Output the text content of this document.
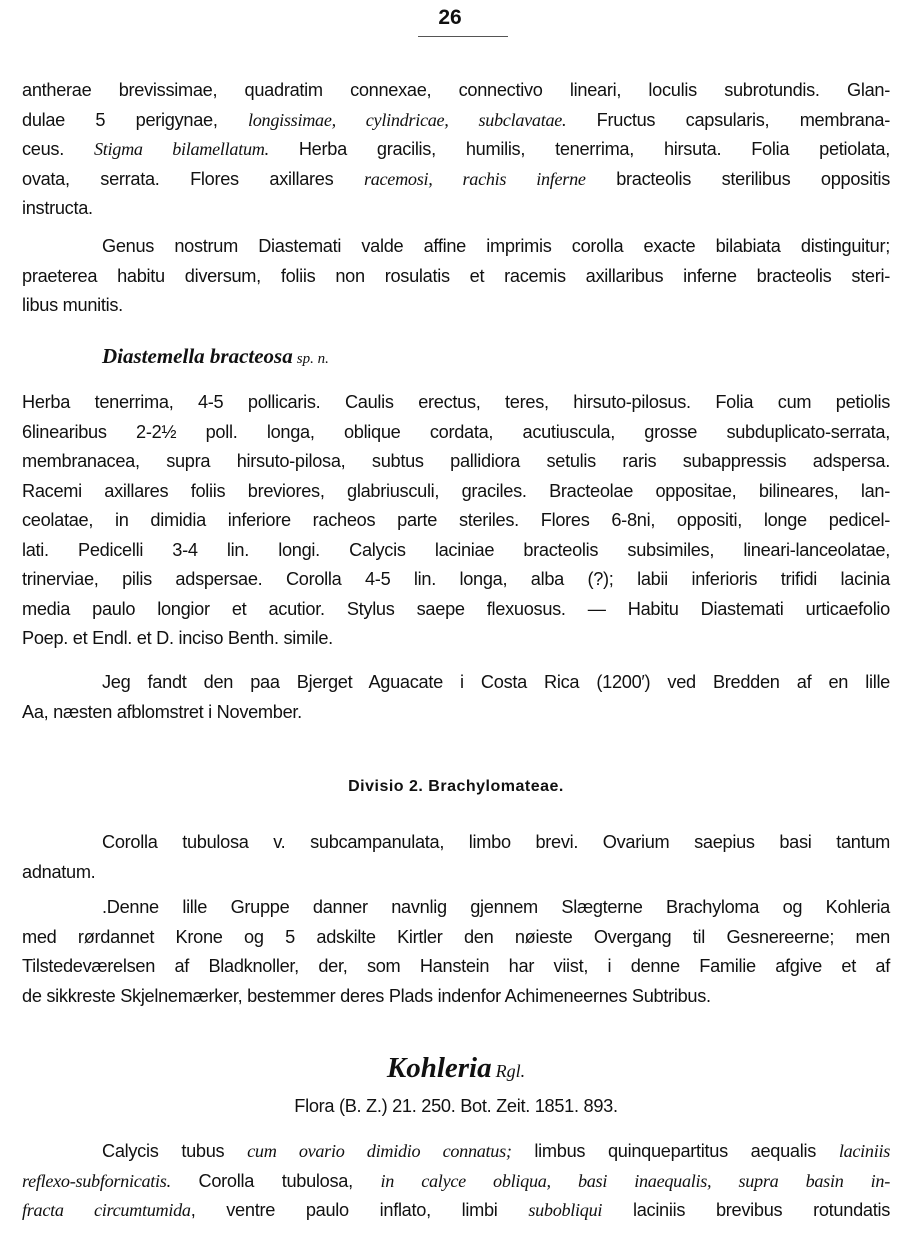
26
antherae brevissimae, quadratim connexae, connectivo lineari, loculis subrotundis. Glan-
dulae 5 perigynae, longissimae, cylindricae, subclavatae. Fructus capsularis, membrana-
ceus. Stigma bilamellatum. Herba gracilis, humilis, tenerrima, hirsuta. Folia petiolata,
ovata, serrata. Flores axillares racemosi, rachis inferne bracteolis sterilibus oppositis
instructa.
Genus nostrum Diastemati valde affine imprimis corolla exacte bilabiata distinguitur;
praeterea habitu diversum, foliis non rosulatis et racemis axillaribus inferne bracteolis steri-
libus munitis.
Diastemella bracteosa sp. n.
Herba tenerrima, 4-5 pollicaris. Caulis erectus, teres, hirsuto-pilosus. Folia cum petiolis
6linearibus 2-2½ poll. longa, oblique cordata, acutiuscula, grosse subduplicato-serrata,
membranacea, supra hirsuto-pilosa, subtus pallidiora setulis raris subappressis adspersa.
Racemi axillares foliis breviores, glabriusculi, graciles. Bracteolae oppositae, bilineares, lan-
ceolatae, in dimidia inferiore racheos parte steriles. Flores 6-8ni, oppositi, longe pedicel-
lati. Pedicelli 3-4 lin. longi. Calycis laciniae bracteolis subsimiles, lineari-lanceolatae,
trinerviae, pilis adspersae. Corolla 4-5 lin. longa, alba (?); labii inferioris trifidi lacinia
media paulo longior et acutior. Stylus saepe flexuosus. — Habitu Diastemati urticaefolio
Poep. et Endl. et D. inciso Benth. simile.
Jeg fandt den paa Bjerget Aguacate i Costa Rica (1200′) ved Bredden af en lille
Aa, næsten afblomstret i November.
Divisio 2. Brachylomateae.
Corolla tubulosa v. subcampanulata, limbo brevi. Ovarium saepius basi tantum
adnatum.
.Denne lille Gruppe danner navnlig gjennem Slægterne Brachyloma og Kohleria
med rørdannet Krone og 5 adskilte Kirtler den nøieste Overgang til Gesnereerne; men
Tilstedeværelsen af Bladknoller, der, som Hanstein har viist, i denne Familie afgive et af
de sikkreste Skjelnemærker, bestemmer deres Plads indenfor Achimeneernes Subtribus.
Kohleria Rgl.
Flora (B. Z.) 21. 250. Bot. Zeit. 1851. 893.
Calycis tubus cum ovario dimidio connatus; limbus quinquepartitus aequalis laciniis
reflexo-subfornicatis. Corolla tubulosa, in calyce obliqua, basi inaequalis, supra basin in-
fracta circumtumida, ventre paulo inflato, limbi subobliqui laciniis brevibus rotundatis
